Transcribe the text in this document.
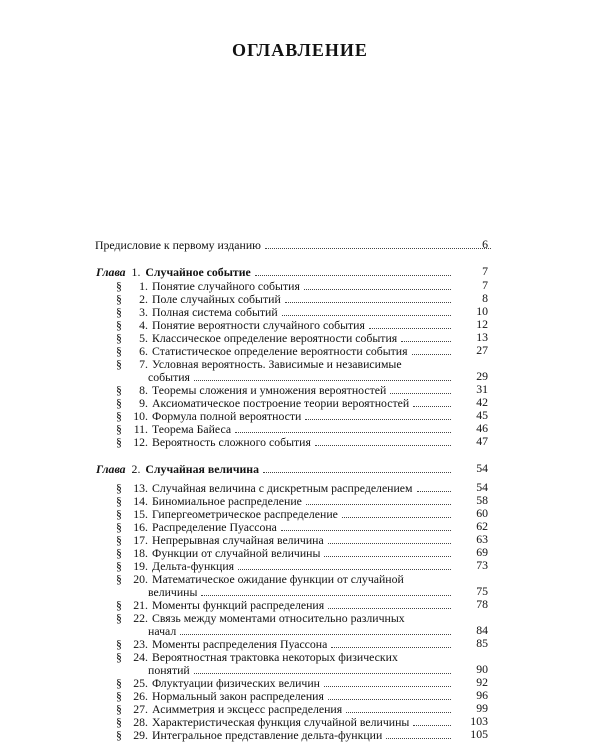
ОГЛАВЛЕНИЕ
Предисловие к первому изданию	6
Глава 1. Случайное событие	7
§	1. Понятие случайного события	7
§	2. Поле случайных событий	8
§	3. Полная система событий	10
§	4. Понятие вероятности случайного события	12
§	5. Классическое определение вероятности события	13
§	6. Статистическое определение вероятности события	27
§	7. Условная вероятность. Зависимые и независимые
события	29
§	8. Теоремы сложения и умножения вероятностей	31
§	9. Аксиоматическое построение теории вероятностей	42
§ 10. Формула полной вероятности	45
§ 11. Теорема Байеса	46
§ 12. Вероятность сложного события	47
Глава 2. Случайная величина	54
§ 13. Случайная величина с дискретным распределением	54
§ 14. Биномиальное распределение	58
§ 15. Гипергеометрическое распределение	60
§ 16. Распределение Пуассона	62
§ 17. Непрерывная случайная величина	63
§ 18. Функции от случайной величины	69
§ 19. Дельта-функция	73
§ 20. Математическое ожидание функции от случайной
величины	75
§ 21. Моменты функций распределения	78
§ 22. Связь между моментами относительно различных
начал	84
§ 23. Моменты распределения Пуассона	85
§ 24. Вероятностная трактовка некоторых физических
понятий	90
§ 25. Флуктуации физических величин	92
§ 26. Нормальный закон распределения	96
§ 27. Асимметрия и эксцесс распределения	99
§ 28. Характеристическая функция случайной величины	103
§ 29. Интегральное представление дельта-функции	105
